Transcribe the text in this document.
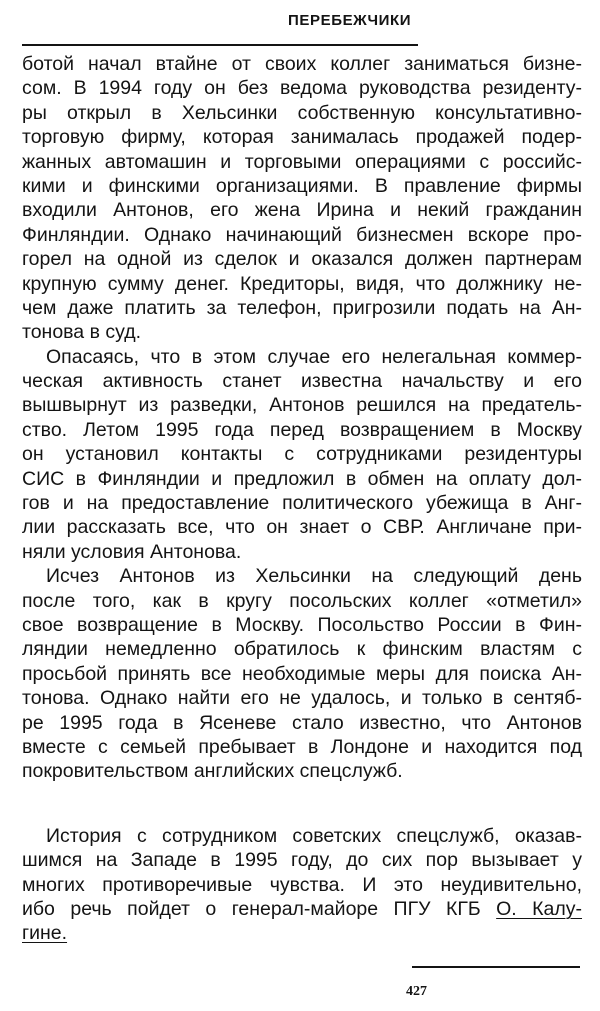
ПЕРЕБЕЖЧИКИ
ботой начал втайне от своих коллег заниматься бизне-
сом. В 1994 году он без ведома руководства резиденту-
ры открыл в Хельсинки собственную консультативно-
торговую фирму, которая занималась продажей подер-
жанных автомашин и торговыми операциями с российс-
кими и финскими организациями. В правление фирмы
входили Антонов, его жена Ирина и некий гражданин
Финляндии. Однако начинающий бизнесмен вскоре про-
горел на одной из сделок и оказался должен партнерам
крупную сумму денег. Кредиторы, видя, что должнику не-
чем даже платить за телефон, пригрозили подать на Ан-
тонова в суд.
Опасаясь, что в этом случае его нелегальная коммер-
ческая активность станет известна начальству и его
вышвырнут из разведки, Антонов решился на предатель-
ство. Летом 1995 года перед возвращением в Москву
он установил контакты с сотрудниками резидентуры
СИС в Финляндии и предложил в обмен на оплату дол-
гов и на предоставление политического убежища в Анг-
лии рассказать все, что он знает о СВР. Англичане при-
няли условия Антонова.
Исчез Антонов из Хельсинки на следующий день
после того, как в кругу посольских коллег «отметил»
свое возвращение в Москву. Посольство России в Фин-
ляндии немедленно обратилось к финским властям с
просьбой принять все необходимые меры для поиска Ан-
тонова. Однако найти его не удалось, и только в сентяб-
ре 1995 года в Ясеневе стало известно, что Антонов
вместе с семьей пребывает в Лондоне и находится под
покровительством английских спецслужб.
История с сотрудником советских спецслужб, оказав-
шимся на Западе в 1995 году, до сих пор вызывает у
многих противоречивые чувства. И это неудивительно,
ибо речь пойдет о генерал-майоре ПГУ КГБ О. Калу-
гине.
427
